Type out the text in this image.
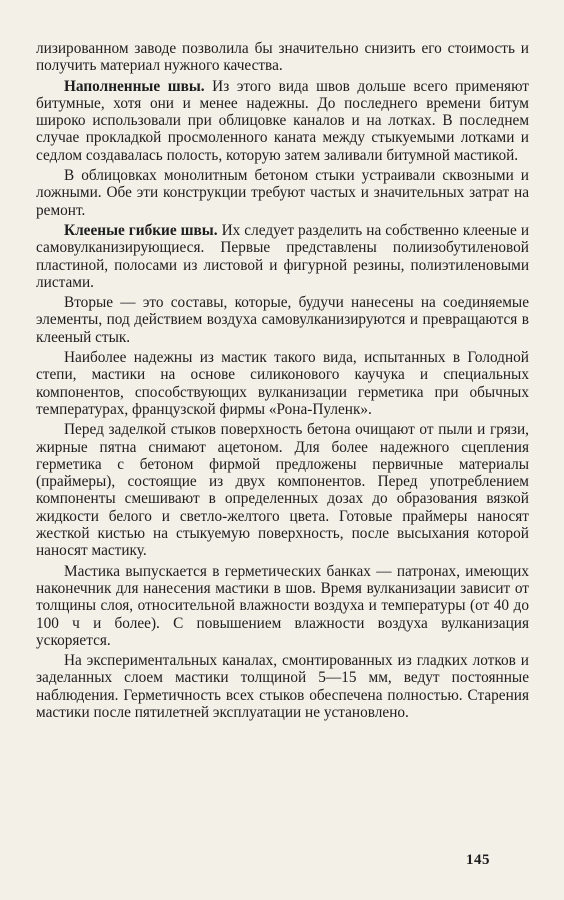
лизированном заводе позволила бы значительно снизить его стоимость и получить материал нужного качества.

Наполненные швы. Из этого вида швов дольше всего применяют битумные, хотя они и менее надежны. До последнего времени битум широко использовали при облицовке каналов и на лотках. В последнем случае прокладкой просмоленного каната между стыкуемыми лотками и седлом создавалась полость, которую затем заливали битумной мастикой.

В облицовках монолитным бетоном стыки устраивали сквозными и ложными. Обе эти конструкции требуют частых и значительных затрат на ремонт.

Клееные гибкие швы. Их следует разделить на собственно клееные и самовулканизирующиеся. Первые представлены полиизобутиленовой пластиной, полосами из листовой и фигурной резины, полиэтиленовыми листами.

Вторые — это составы, которые, будучи нанесены на соединяемые элементы, под действием воздуха самовулканизируются и превращаются в клееный стык.

Наиболее надежны из мастик такого вида, испытанных в Голодной степи, мастики на основе силиконового каучука и специальных компонентов, способствующих вулканизации герметика при обычных температурах, французской фирмы «Рона-Пуленк».

Перед заделкой стыков поверхность бетона очищают от пыли и грязи, жирные пятна снимают ацетоном. Для более надежного сцепления герметика с бетоном фирмой предложены первичные материалы (праймеры), состоящие из двух компонентов. Перед употреблением компоненты смешивают в определенных дозах до образования вязкой жидкости белого и светло-желтого цвета. Готовые праймеры наносят жесткой кистью на стыкуемую поверхность, после высыхания которой наносят мастику.

Мастика выпускается в герметических банках — патронах, имеющих наконечник для нанесения мастики в шов. Время вулканизации зависит от толщины слоя, относительной влажности воздуха и температуры (от 40 до 100 ч и более). С повышением влажности воздуха вулканизация ускоряется.

На экспериментальных каналах, смонтированных из гладких лотков и заделанных слоем мастики толщиной 5—15 мм, ведут постоянные наблюдения. Герметичность всех стыков обеспечена полностью. Старения мастики после пятилетней эксплуатации не установлено.

145
